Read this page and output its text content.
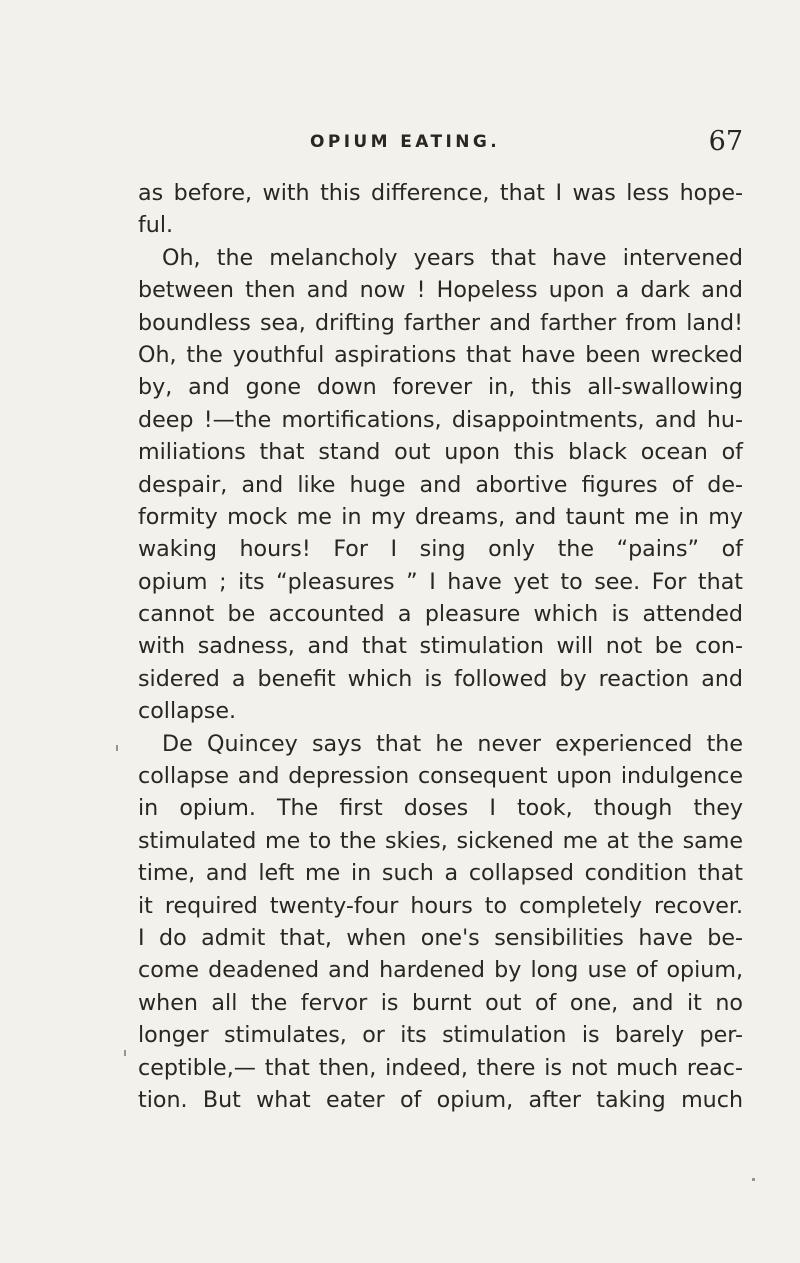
OPIUM EATING.	67
as before, with this difference, that I was less hope-
ful.
Oh, the melancholy years that have intervened
between then and now ! Hopeless upon a dark and
boundless sea, drifting farther and farther from land!
Oh, the youthful aspirations that have been wrecked
by, and gone down forever in, this all-swallowing
deep !—the mortifications, disappointments, and hu-
miliations that stand out upon this black ocean of
despair, and like huge and abortive figures of de-
formity mock me in my dreams, and taunt me in my
waking hours! For I sing only the “pains” of
opium ; its “pleasures ” I have yet to see. For that
cannot be accounted a pleasure which is attended
with sadness, and that stimulation will not be con-
sidered a benefit which is followed by reaction and
collapse.
De Quincey says that he never experienced the
collapse and depression consequent upon indulgence
in opium. The first doses I took, though they
stimulated me to the skies, sickened me at the same
time, and left me in such a collapsed condition that
it required twenty-four hours to completely recover.
I do admit that, when one's sensibilities have be-
come deadened and hardened by long use of opium,
when all the fervor is burnt out of one, and it no
longer stimulates, or its stimulation is barely per-
ceptible,— that then, indeed, there is not much reac-
tion. But what eater of opium, after taking much
